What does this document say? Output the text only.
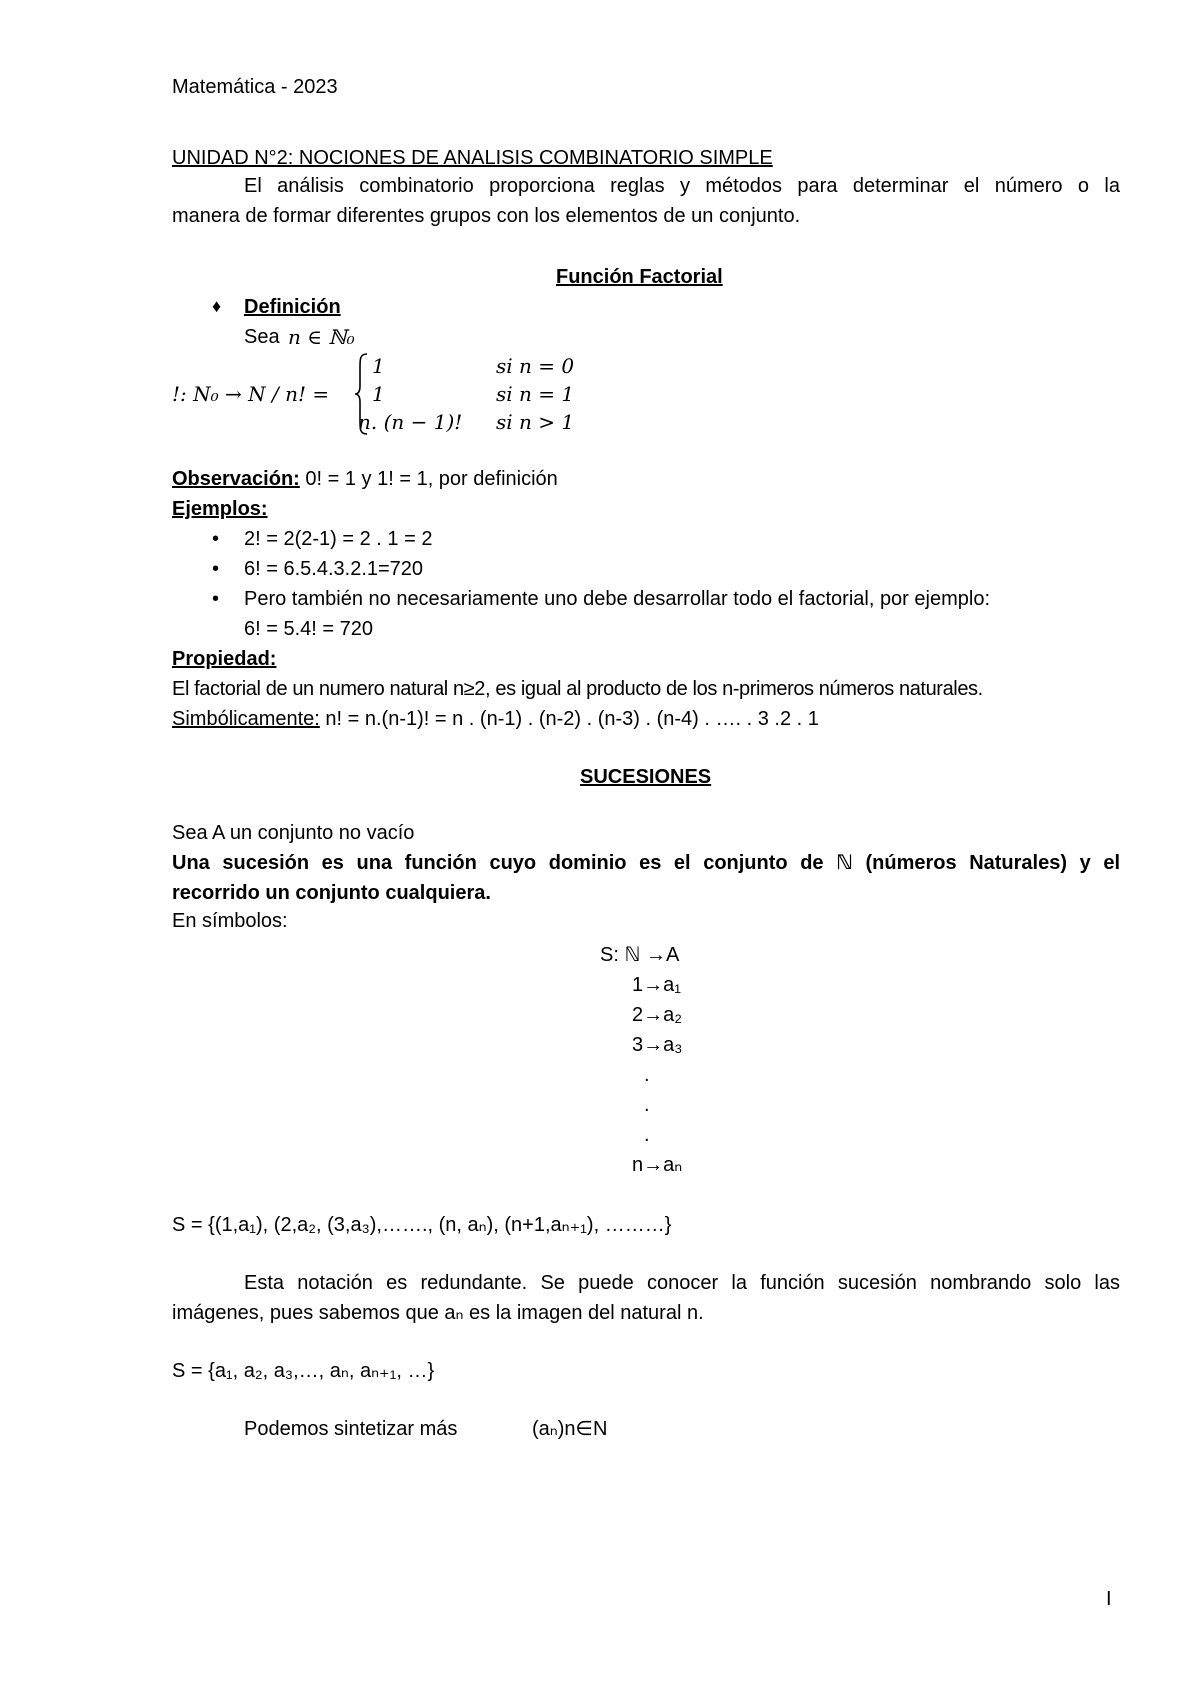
Matemática - 2023
UNIDAD N°2: NOCIONES DE ANALISIS COMBINATORIO SIMPLE
El análisis combinatorio proporciona reglas y métodos para determinar el número o la
manera de formar diferentes grupos con los elementos de un conjunto.
Función Factorial
♦ Definición
Sea n ∈ ℕ₀
!: N₀ → N / n! =
1	si n = 0
1	si n = 1
n. (n − 1)! si n > 1
Observación: 0! = 1 y 1! = 1, por definición
Ejemplos:
• 2! = 2(2-1) = 2 . 1 = 2
• 6! = 6.5.4.3.2.1=720
• Pero también no necesariamente uno debe desarrollar todo el factorial, por ejemplo:
6! = 5.4! = 720
Propiedad:
El factorial de un numero natural n≥2, es igual al producto de los n-primeros números naturales.
Simbólicamente: n! = n.(n-1)! = n . (n-1) . (n-2) . (n-3) . (n-4) . …. . 3 .2 . 1
SUCESIONES
Sea A un conjunto no vacío
Una sucesión es una función cuyo dominio es el conjunto de ℕ (números Naturales) y el
recorrido un conjunto cualquiera.
En símbolos:
S: ℕ →A
1→a₁
2→a₂
3→a₃
.
.
.
n→aₙ
S = {(1,a₁), (2,a₂, (3,a₃),……., (n, aₙ), (n+1,aₙ₊₁), ………}
Esta notación es redundante. Se puede conocer la función sucesión nombrando solo las
imágenes, pues sabemos que aₙ es la imagen del natural n.
S = {a₁, a₂, a₃,…, aₙ, aₙ₊₁, …}
Podemos sintetizar más	(aₙ)n∈N
I
